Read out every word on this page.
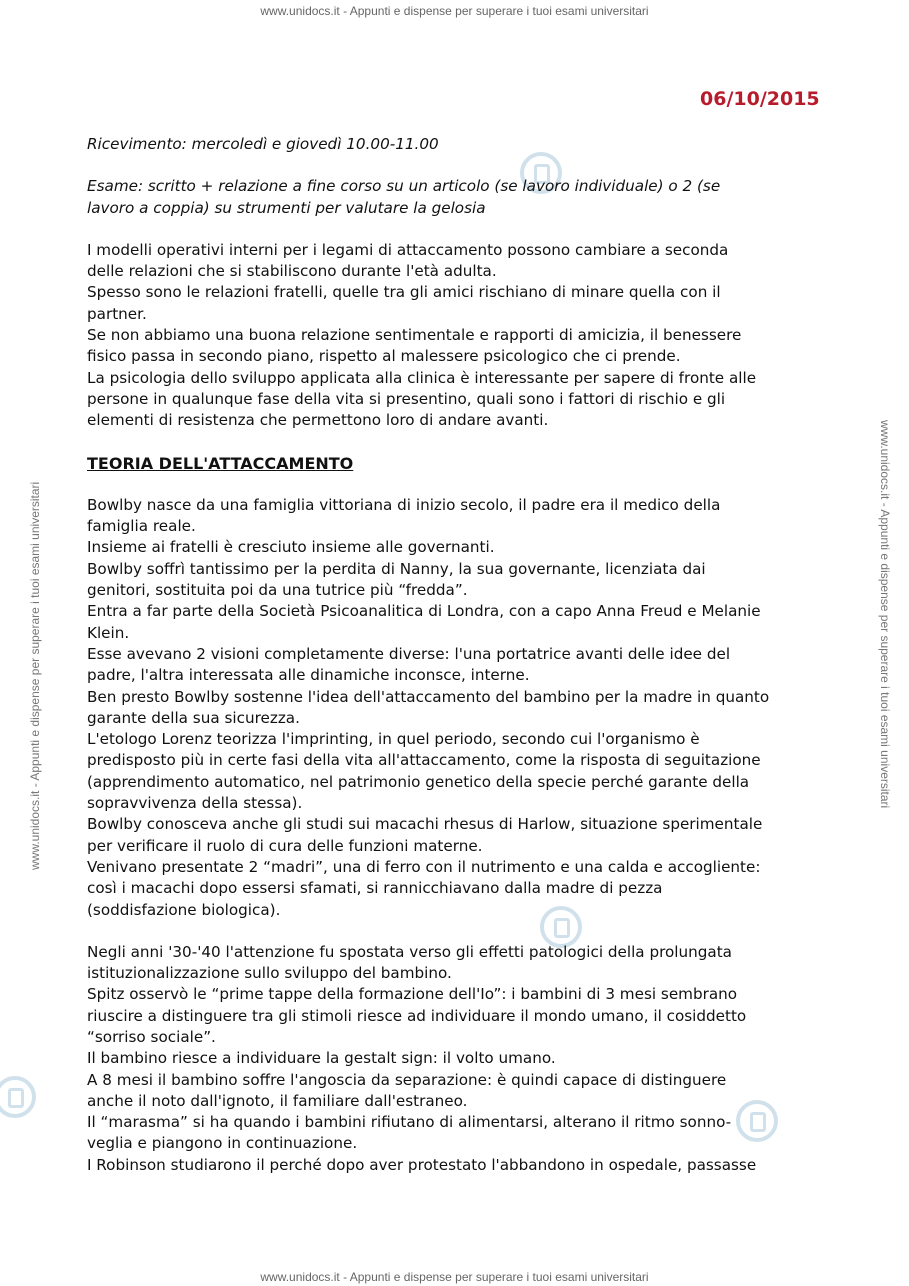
www.unidocs.it - Appunti e dispense per superare i tuoi esami universitari
www.unidocs.it - Appunti e dispense per superare i tuoi esami universitari	www.unidocs.it - Appunti e dispense per superare i tuoi esami universitari
06/10/2015

Ricevimento: mercoledì e giovedì 10.00-11.00

Esame: scritto + relazione a fine corso su un articolo (se lavoro individuale) o 2 (se

lavoro a coppia) su strumenti per valutare la gelosia

I modelli operativi interni per i legami di attaccamento possono cambiare a seconda

delle relazioni che si stabiliscono durante l'età adulta.

Spesso sono le relazioni fratelli, quelle tra gli amici rischiano di minare quella con il

partner.

Se non abbiamo una buona relazione sentimentale e rapporti di amicizia, il benessere

fisico passa in secondo piano, rispetto al malessere psicologico che ci prende.

La psicologia dello sviluppo applicata alla clinica è interessante per sapere di fronte alle

persone in qualunque fase della vita si presentino, quali sono i fattori di rischio e gli

elementi di resistenza che permettono loro di andare avanti.

TEORIA DELL'ATTACCAMENTO

Bowlby nasce da una famiglia vittoriana di inizio secolo, il padre era il medico della

famiglia reale.

Insieme ai fratelli è cresciuto insieme alle governanti.

Bowlby soffrì tantissimo per la perdita di Nanny, la sua governante, licenziata dai

genitori, sostituita poi da una tutrice più “fredda”.

Entra a far parte della Società Psicoanalitica di Londra, con a capo Anna Freud e Melanie

Klein.

Esse avevano 2 visioni completamente diverse: l'una portatrice avanti delle idee del

padre, l'altra interessata alle dinamiche inconsce, interne.

Ben presto Bowlby sostenne l'idea dell'attaccamento del bambino per la madre in quanto

garante della sua sicurezza.

L'etologo Lorenz teorizza l'imprinting, in quel periodo, secondo cui l'organismo è

predisposto più in certe fasi della vita all'attaccamento, come la risposta di seguitazione

(apprendimento automatico, nel patrimonio genetico della specie perché garante della

sopravvivenza della stessa).

Bowlby conosceva anche gli studi sui macachi rhesus di Harlow, situazione sperimentale

per verificare il ruolo di cura delle funzioni materne.

Venivano presentate 2 “madri”, una di ferro con il nutrimento e una calda e accogliente:

così i macachi dopo essersi sfamati, si rannicchiavano dalla madre di pezza

(soddisfazione biologica).

Negli anni '30-'40 l'attenzione fu spostata verso gli effetti patologici della prolungata

istituzionalizzazione sullo sviluppo del bambino.

Spitz osservò le “prime tappe della formazione dell'Io”: i bambini di 3 mesi sembrano

riuscire a distinguere tra gli stimoli riesce ad individuare il mondo umano, il cosiddetto

“sorriso sociale”.

Il bambino riesce a individuare la gestalt sign: il volto umano.

A 8 mesi il bambino soffre l'angoscia da separazione: è quindi capace di distinguere

anche il noto dall'ignoto, il familiare dall'estraneo.

Il “marasma” si ha quando i bambini rifiutano di alimentarsi, alterano il ritmo sonno-

veglia e piangono in continuazione.

I Robinson studiarono il perché dopo aver protestato l'abbandono in ospedale, passasse

www.unidocs.it - Appunti e dispense per superare i tuoi esami universitari
